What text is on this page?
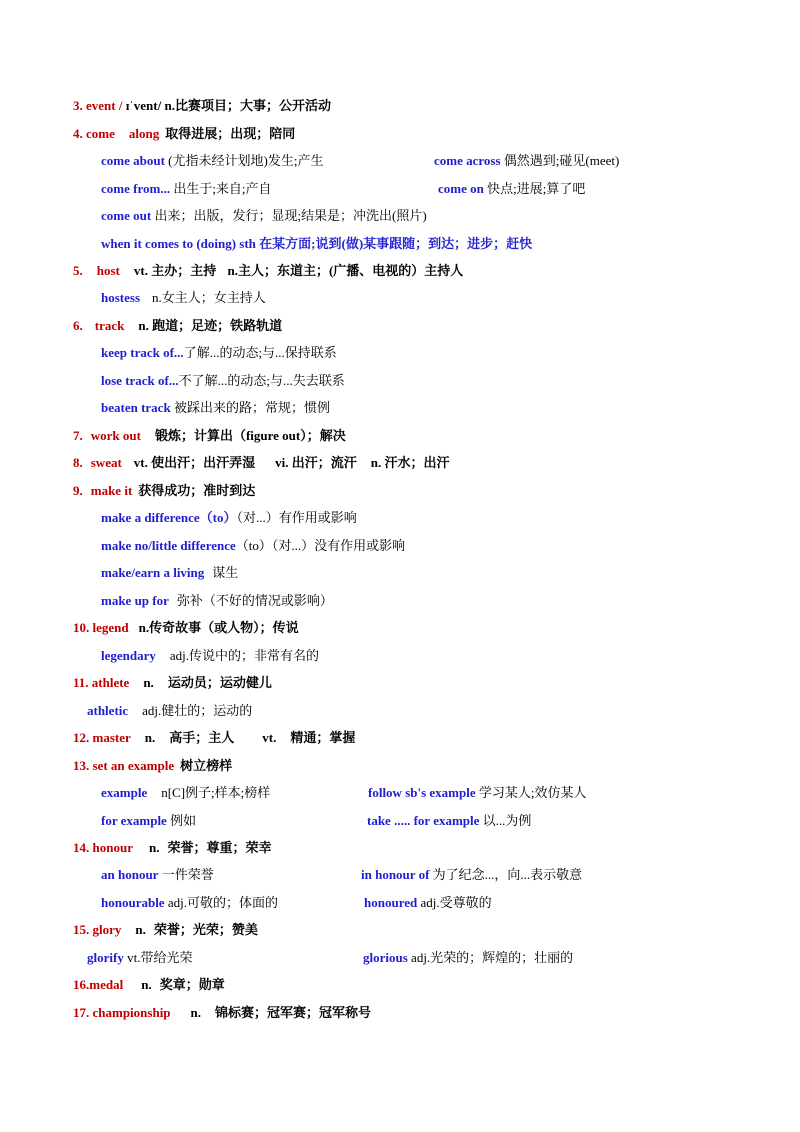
3. event / ɪˈvent/ n.比赛项目；大事；公开活动
4. come along 取得进展；出现；陪同
come about (尤指未经计划地)发生;产生	come across 偶然遇到;碰见(meet)
come from... 出生于;来自;产自	come on 快点;进展;算了吧
come out 出来；出版，发行；显现;结果是；冲洗出(照片)
when it comes to (doing) sth 在某方面;说到(做)某事跟随；到达；进步；赶快
5. host vt. 主办；主持 n.主人；东道主；(广播、电视的）主持人
hostess n.女主人；女主持人
6. track n. 跑道；足迹；铁路轨道
keep track of...了解...的动态;与...保持联系
lose track of...不了解...的动态;与...失去联系
beaten track 被踩出来的路；常规；惯例
7. work out 锻炼；计算出（figure out）；解决
8. sweat vt. 使出汗；出汗弄湿 vi. 出汗；流汗 n. 汗水；出汗
9. make it 获得成功；准时到达
make a difference（to）（对...）有作用或影响
make no/little difference（to）（对...）没有作用或影响
make/earn a living 谋生
make up for 弥补（不好的情况或影响）
10. legend n.传奇故事（或人物）；传说
legendary adj.传说中的；非常有名的
11. athlete n. 运动员；运动健儿
athletic adj.健壮的；运动的
12. master n. 高手；主人 vt. 精通；掌握
13. set an example 树立榜样
example n[C]例子;样本;榜样	follow sb's example 学习某人;效仿某人
for example 例如	take ..... for example 以...为例
14. honour n. 荣誉；尊重；荣幸
an honour 一件荣誉	in honour of 为了纪念...，向...表示敬意
honourable adj.可敬的；体面的	honoured adj.受尊敬的
15. glory n. 荣誉；光荣；赞美
glorify vt.带给光荣	glorious adj.光荣的；辉煌的；壮丽的
16.medal n. 奖章；勋章
17. championship n. 锦标赛；冠军赛；冠军称号
